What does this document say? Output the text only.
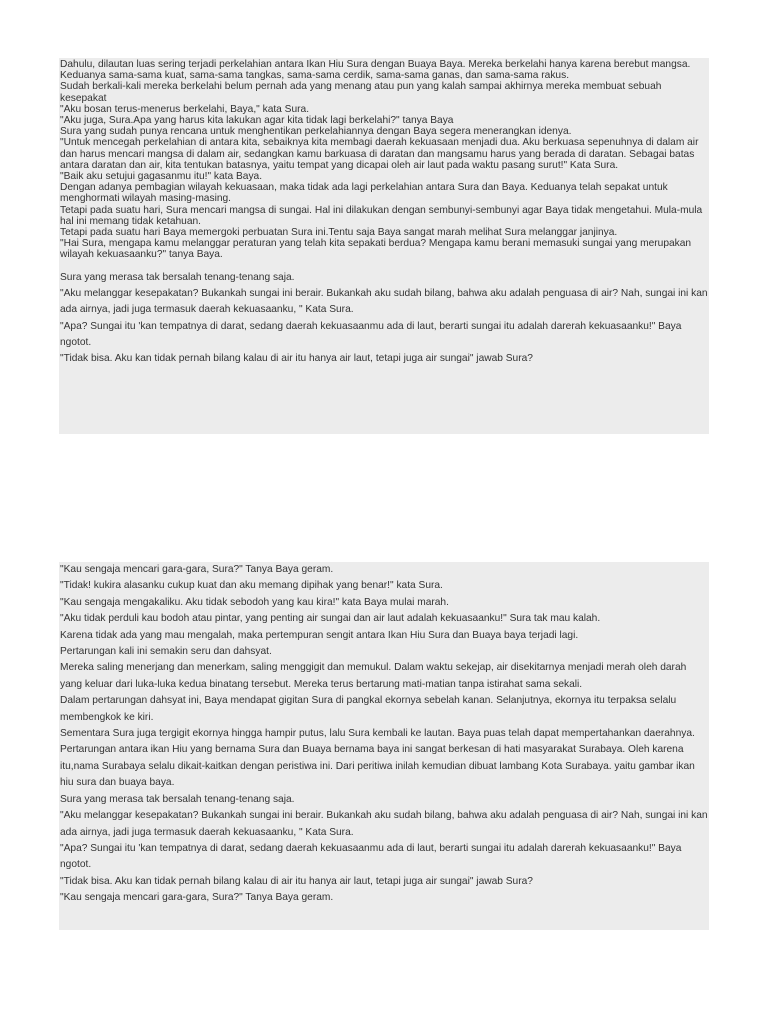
Dahulu, dilautan luas sering terjadi perkelahian antara Ikan Hiu Sura dengan Buaya Baya. Mereka berkelahi hanya karena berebut mangsa.

Keduanya sama-sama kuat, sama-sama tangkas, sama-sama cerdik, sama-sama ganas, dan sama-sama rakus.

Sudah berkali-kali mereka berkelahi belum pernah ada yang menang atau pun yang kalah sampai akhirnya mereka membuat sebuah kesepakat

"Aku bosan terus-menerus berkelahi, Baya," kata Sura.

"Aku juga, Sura.Apa yang harus kita lakukan agar kita tidak lagi berkelahi?" tanya Baya

Sura yang sudah punya rencana untuk menghentikan perkelahiannya dengan Baya segera menerangkan idenya.

"Untuk mencegah perkelahian di antara kita, sebaiknya kita membagi daerah kekuasaan menjadi dua. Aku berkuasa sepenuhnya di dalam air dan harus mencari mangsa di dalam air, sedangkan kamu barkuasa di daratan dan mangsamu harus yang berada di daratan. Sebagai batas antara daratan dan air, kita tentukan batasnya, yaitu tempat yang dicapai oleh air laut pada waktu pasang surut!" Kata Sura.

"Baik aku setujui gagasanmu itu!" kata Baya.

Dengan adanya pembagian wilayah kekuasaan, maka tidak ada lagi perkelahian antara Sura dan Baya. Keduanya telah sepakat untuk menghormati wilayah masing-masing.

Tetapi pada suatu hari, Sura mencari mangsa di sungai. Hal ini dilakukan dengan sembunyi-sembunyi agar Baya tidak mengetahui. Mula-mula hal ini memang tidak ketahuan.

Tetapi pada suatu hari Baya memergoki perbuatan Sura ini.Tentu saja Baya sangat marah melihat Sura melanggar janjinya.

"Hai Sura, mengapa kamu melanggar peraturan yang telah kita sepakati berdua? Mengapa kamu berani memasuki sungai yang merupakan wilayah kekuasaanku?" tanya Baya.

Sura yang merasa tak bersalah tenang-tenang saja.

"Aku melanggar kesepakatan? Bukankah sungai ini berair. Bukankah aku sudah bilang, bahwa aku adalah penguasa di air? Nah, sungai ini kan ada airnya, jadi juga termasuk daerah kekuasaanku, " Kata Sura.

"Apa? Sungai itu 'kan tempatnya di darat, sedang daerah kekuasaanmu ada di laut, berarti sungai itu adalah darerah kekuasaanku!" Baya ngotot.

"Tidak bisa. Aku kan tidak pernah bilang kalau di air itu hanya air laut, tetapi juga air sungai" jawab Sura?

"Kau sengaja mencari gara-gara, Sura?" Tanya Baya geram.

"Tidak! kukira alasanku cukup kuat dan aku memang dipihak yang benar!" kata Sura.

"Kau sengaja mengakaliku. Aku tidak sebodoh yang kau kira!" kata Baya mulai marah.

"Aku tidak perduli kau bodoh atau pintar, yang penting air sungai dan air laut adalah kekuasaanku!" Sura tak mau kalah.

Karena tidak ada yang mau mengalah, maka pertempuran sengit antara Ikan Hiu Sura dan Buaya baya terjadi lagi.

Pertarungan kali ini semakin seru dan dahsyat.

Mereka saling menerjang dan menerkam, saling menggigit dan memukul. Dalam waktu sekejap, air disekitarnya menjadi merah oleh darah yang keluar dari luka-luka kedua binatang tersebut. Mereka terus bertarung mati-matian tanpa istirahat sama sekali.

Dalam pertarungan dahsyat ini, Baya mendapat gigitan Sura di pangkal ekornya sebelah kanan. Selanjutnya, ekornya itu terpaksa selalu membengkok ke kiri.

Sementara Sura juga tergigit ekornya hingga hampir putus, lalu Sura kembali ke lautan. Baya puas telah dapat mempertahankan daerahnya.

Pertarungan antara ikan Hiu yang bernama Sura dan Buaya bernama baya ini sangat berkesan di hati masyarakat Surabaya. Oleh karena itu,nama Surabaya selalu dikait-kaitkan dengan peristiwa ini. Dari peritiwa inilah kemudian dibuat lambang Kota Surabaya. yaitu gambar ikan hiu sura dan buaya baya.

Sura yang merasa tak bersalah tenang-tenang saja.

"Aku melanggar kesepakatan? Bukankah sungai ini berair. Bukankah aku sudah bilang, bahwa aku adalah penguasa di air? Nah, sungai ini kan ada airnya, jadi juga termasuk daerah kekuasaanku, " Kata Sura.

"Apa? Sungai itu 'kan tempatnya di darat, sedang daerah kekuasaanmu ada di laut, berarti sungai itu adalah darerah kekuasaanku!" Baya ngotot.

"Tidak bisa. Aku kan tidak pernah bilang kalau di air itu hanya air laut, tetapi juga air sungai" jawab Sura?

"Kau sengaja mencari gara-gara, Sura?" Tanya Baya geram.
